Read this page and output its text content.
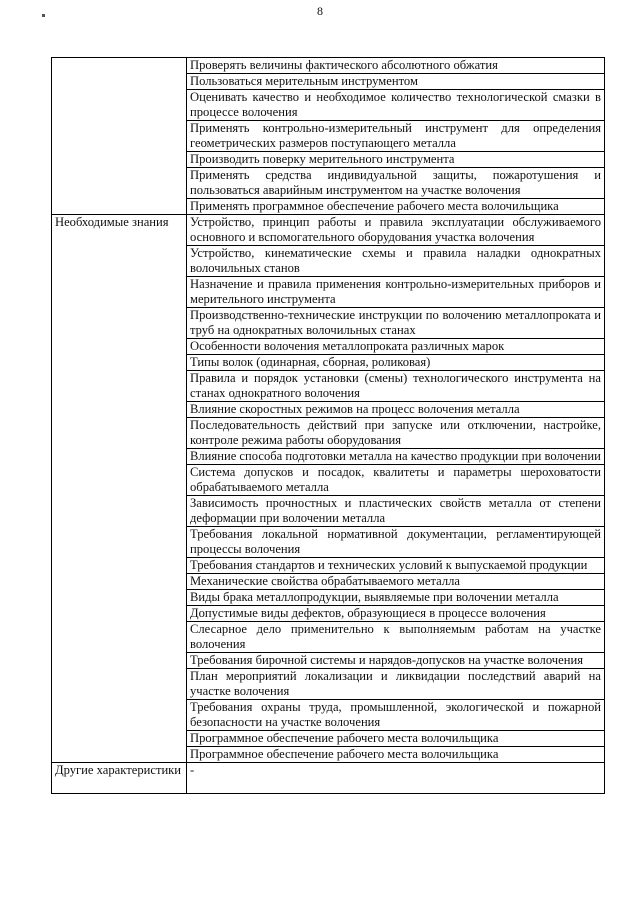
8
	Проверять величины фактического абсолютного обжатия
	Пользоваться мерительным инструментом
	Оценивать качество и необходимое количество технологической смазки в процессе волочения
	Применять контрольно-измерительный инструмент для определения геометрических размеров поступающего металла
	Производить поверку мерительного инструмента
	Применять средства индивидуальной защиты, пожаротушения и пользоваться аварийным инструментом на участке волочения
	Применять программное обеспечение рабочего места волочильщика
Необходимые знания	Устройство, принцип работы и правила эксплуатации обслуживаемого основного и вспомогательного оборудования участка волочения
	Устройство, кинематические схемы и правила наладки однократных волочильных станов
	Назначение и правила применения контрольно-измерительных приборов и мерительного инструмента
	Производственно-технические инструкции по волочению металлопроката и труб на однократных волочильных станах
	Особенности волочения металлопроката различных марок
	Типы волок (одинарная, сборная, роликовая)
	Правила и порядок установки (смены) технологического инструмента на станах однократного волочения
	Влияние скоростных режимов на процесс волочения металла
	Последовательность действий при запуске или отключении, настройке, контроле режима работы оборудования
	Влияние способа подготовки металла на качество продукции при волочении
	Система допусков и посадок, квалитеты и параметры шероховатости обрабатываемого металла
	Зависимость прочностных и пластических свойств металла от степени деформации при волочении металла
	Требования локальной нормативной документации, регламентирующей процессы волочения
	Требования стандартов и технических условий к выпускаемой продукции
	Механические свойства обрабатываемого металла
	Виды брака металлопродукции, выявляемые при волочении металла
	Допустимые виды дефектов, образующиеся в процессе волочения
	Слесарное дело применительно к выполняемым работам на участке волочения
	Требования бирочной системы и нарядов-допусков на участке волочения
	План мероприятий локализации и ликвидации последствий аварий на участке волочения
	Требования охраны труда, промышленной, экологической и пожарной безопасности на участке волочения
	Программное обеспечение рабочего места волочильщика
	Программное обеспечение рабочего места волочильщика
Другие характеристики	-
